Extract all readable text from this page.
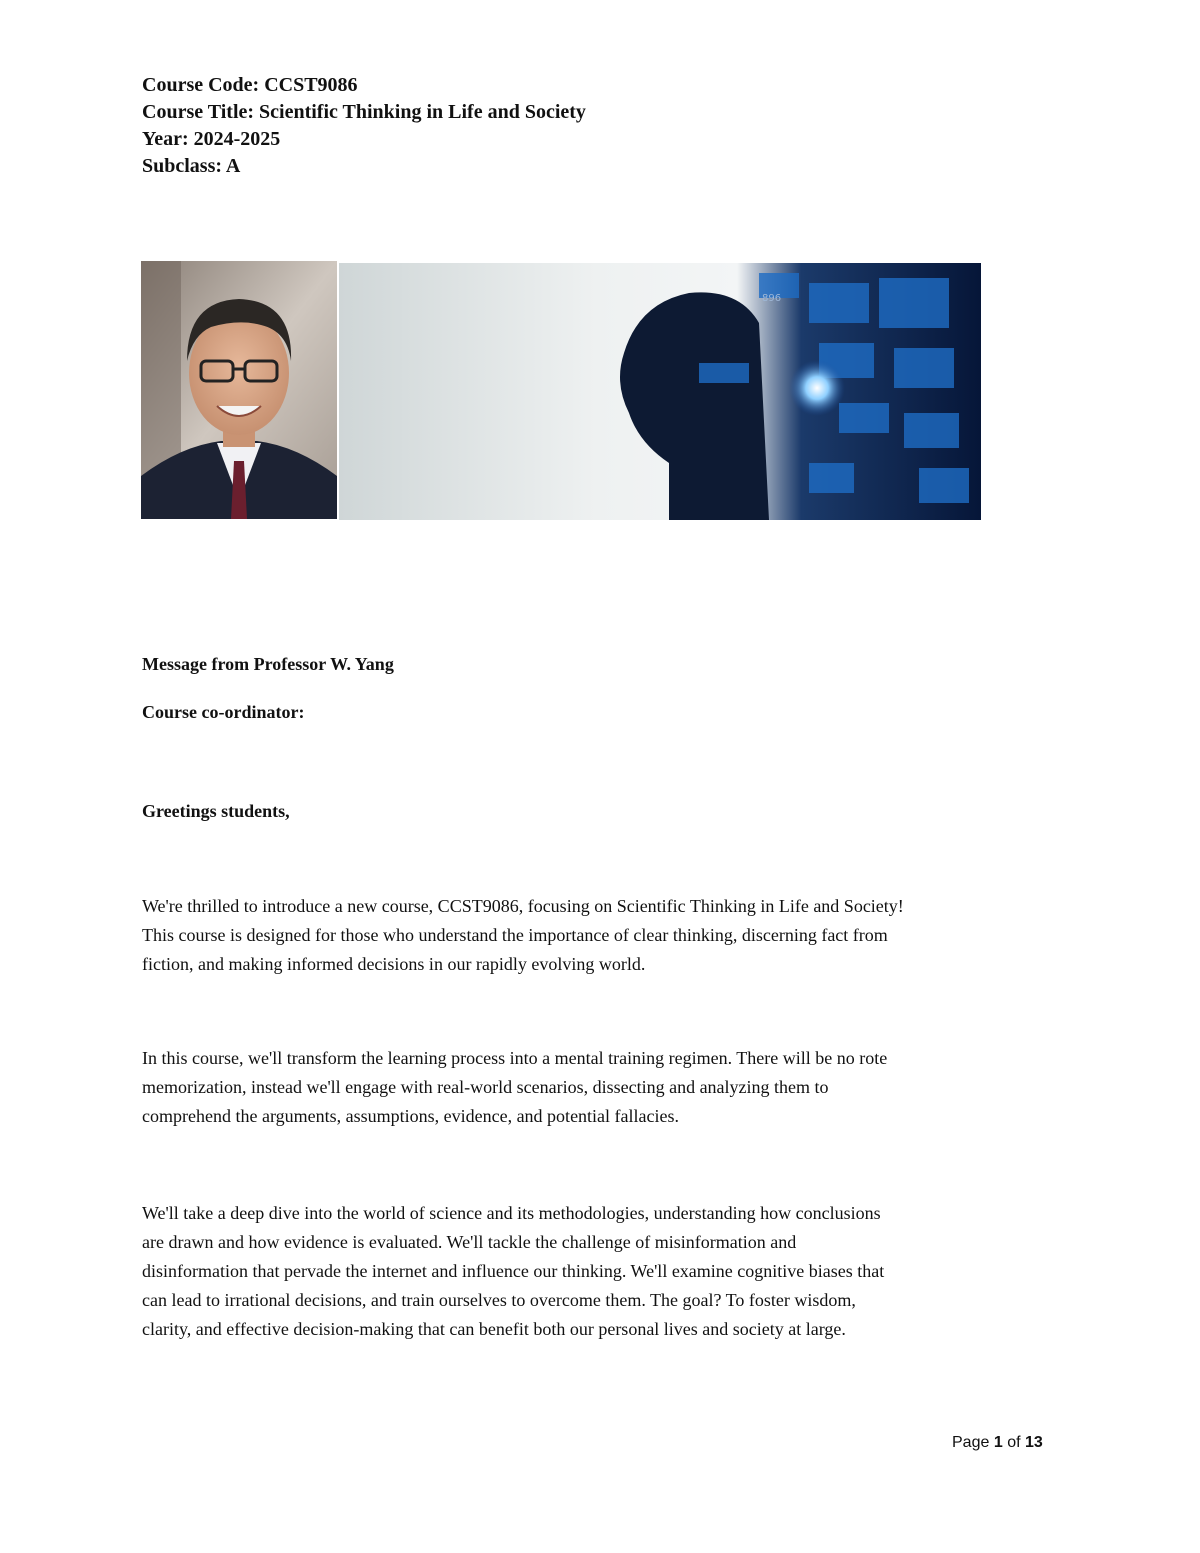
Course Code: CCST9086
Course Title: Scientific Thinking in Life and Society
Year: 2024-2025
Subclass: A
896
Message from Professor W. Yang
Course co-ordinator:
Greetings students,

We're thrilled to introduce a new course, CCST9086, focusing on Scientific Thinking in Life and Society!

This course is designed for those who understand the importance of clear thinking, discerning fact from

fiction, and making informed decisions in our rapidly evolving world.

In this course, we'll transform the learning process into a mental training regimen. There will be no rote

memorization, instead we'll engage with real-world scenarios, dissecting and analyzing them to

comprehend the arguments, assumptions, evidence, and potential fallacies.

We'll take a deep dive into the world of science and its methodologies, understanding how conclusions

are drawn and how evidence is evaluated. We'll tackle the challenge of misinformation and

disinformation that pervade the internet and influence our thinking. We'll examine cognitive biases that

can lead to irrational decisions, and train ourselves to overcome them. The goal? To foster wisdom,

clarity, and effective decision-making that can benefit both our personal lives and society at large.

Page 1 of 13
